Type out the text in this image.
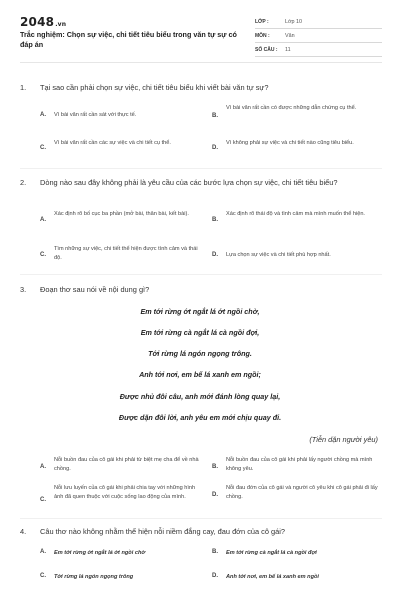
2048.vn
Trắc nghiệm: Chọn sự việc, chi tiết tiêu biểu trong văn tự sự có đáp án
LỚP :	Lớp 10
MÔN :	Văn
SỐ CÂU :	11
1. Tại sao cần phải chọn sự việc, chi tiết tiêu biểu khi viết bài văn tự sự?
A. Vì bài văn rất cần sát với thực tế.	B.
Vì bài văn rất cần có được những dẫn chứng cụ thể.
C.
Vì bài văn rất cần các sự việc và chi tiết cụ thể.
D.
Vì không phải sự việc và chi tiết nào cũng tiêu biểu.
2. Dòng nào sau đây không phải là yêu cầu của các bước lựa chọn sự việc, chi tiết tiêu biểu?
A.
Xác định rõ bố cục ba phần (mở bài, thân bài, kết bài).
B.
Xác định rõ thái độ và tình cảm mà mình muốn thể hiện.
C.
Tìm những sự việc, chi tiết thể hiện được tình cảm và thái độ.	D. Lựa chọn sự việc và chi tiết phù hợp nhất.
3. Đoạn thơ sau nói về nội dung gì?
Em tới rừng ớt ngắt lá ớt ngồi chờ,
Em tới rừng cà ngắt lá cà ngồi đợi,
Tới rừng lá ngón ngọng trông.
Anh tới nơi, em bế lá xanh em ngồi;
Được nhủ đôi câu, anh mới đánh lòng quay lại,
Được dặn đôi lời, anh yêu em mới chịu quay đi.
(Tiễn dặn người yêu)
A.
Nỗi buồn đau của cô gái khi phải từ biệt mẹ cha để về nhà chồng.	B.
Nỗi buồn đau của cô gái khi phải lấy người chồng mà mình không yêu.
C.
Nỗi lưu luyến của cô gái khi phải chia tay với những hình ảnh đã quen thuộc với cuộc sống lao động của mình.	D.
Nỗi đau đớn của cô gái và người cô yêu khi cô gái phải đi lấy chồng.
4. Câu thơ nào không nhằm thể hiện nỗi niềm đắng cay, đau đớn của cô gái?
A. Em tới rừng ớt ngắt lá ớt ngồi chờ	B. Em tới rừng cà ngắt lá cà ngồi đợi
C. Tới rừng lá ngón ngọng trông	D. Anh tới nơi, em bế lá xanh em ngồi
